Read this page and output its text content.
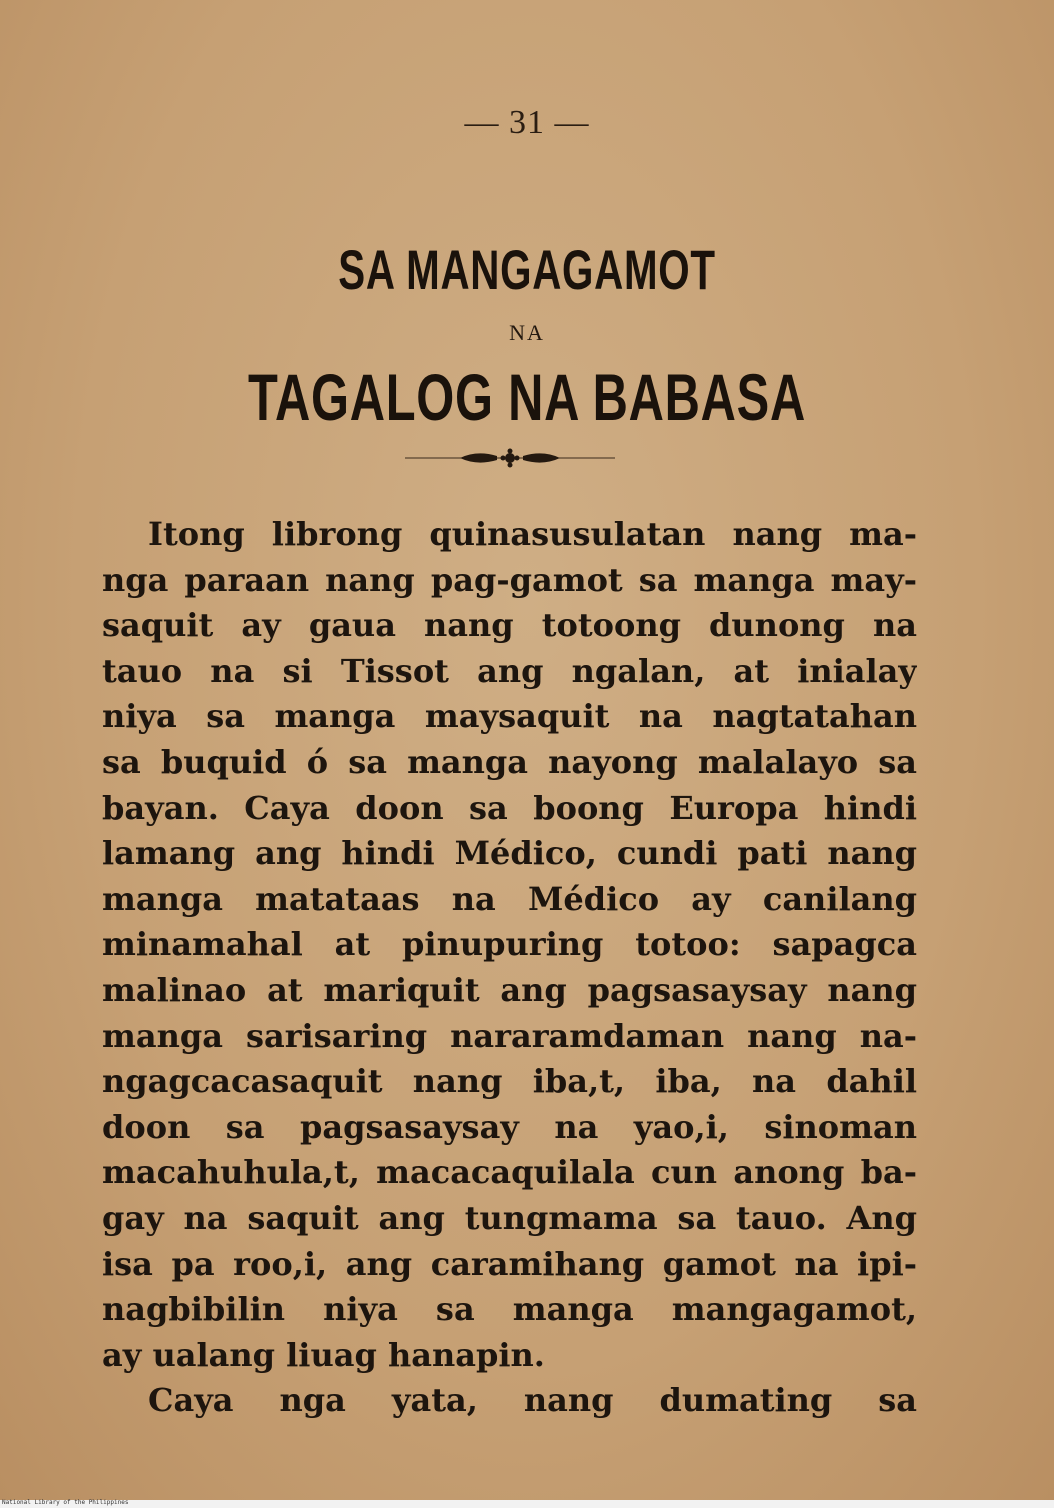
— 31 —
SA MANGAGAMOT
NA
TAGALOG NA BABASA
Itong librong quinasusulatan nang ma-
nga paraan nang pag-gamot sa manga may-
saquit ay gaua nang totoong dunong na
tauo na si Tissot ang ngalan, at inialay
niya sa manga maysaquit na nagtatahan
sa buquid ó sa manga nayong malalayo sa
bayan. Caya doon sa boong Europa hindi
lamang ang hindi Médico, cundi pati nang
manga matataas na Médico ay canilang
minamahal at pinupuring totoo: sapagca
malinao at mariquit ang pagsasaysay nang
manga sarisaring nararamdaman nang na-
ngagcacasaquit nang iba,t, iba, na dahil
doon sa pagsasaysay na yao,i, sinoman
macahuhula,t, macacaquilala cun anong ba-
gay na saquit ang tungmama sa tauo. Ang
isa pa roo,i, ang caramihang gamot na ipi-
nagbibilin niya sa manga mangagamot,
ay ualang liuag hanapin.
Caya nga yata, nang dumating sa
National Library of the Philippines
